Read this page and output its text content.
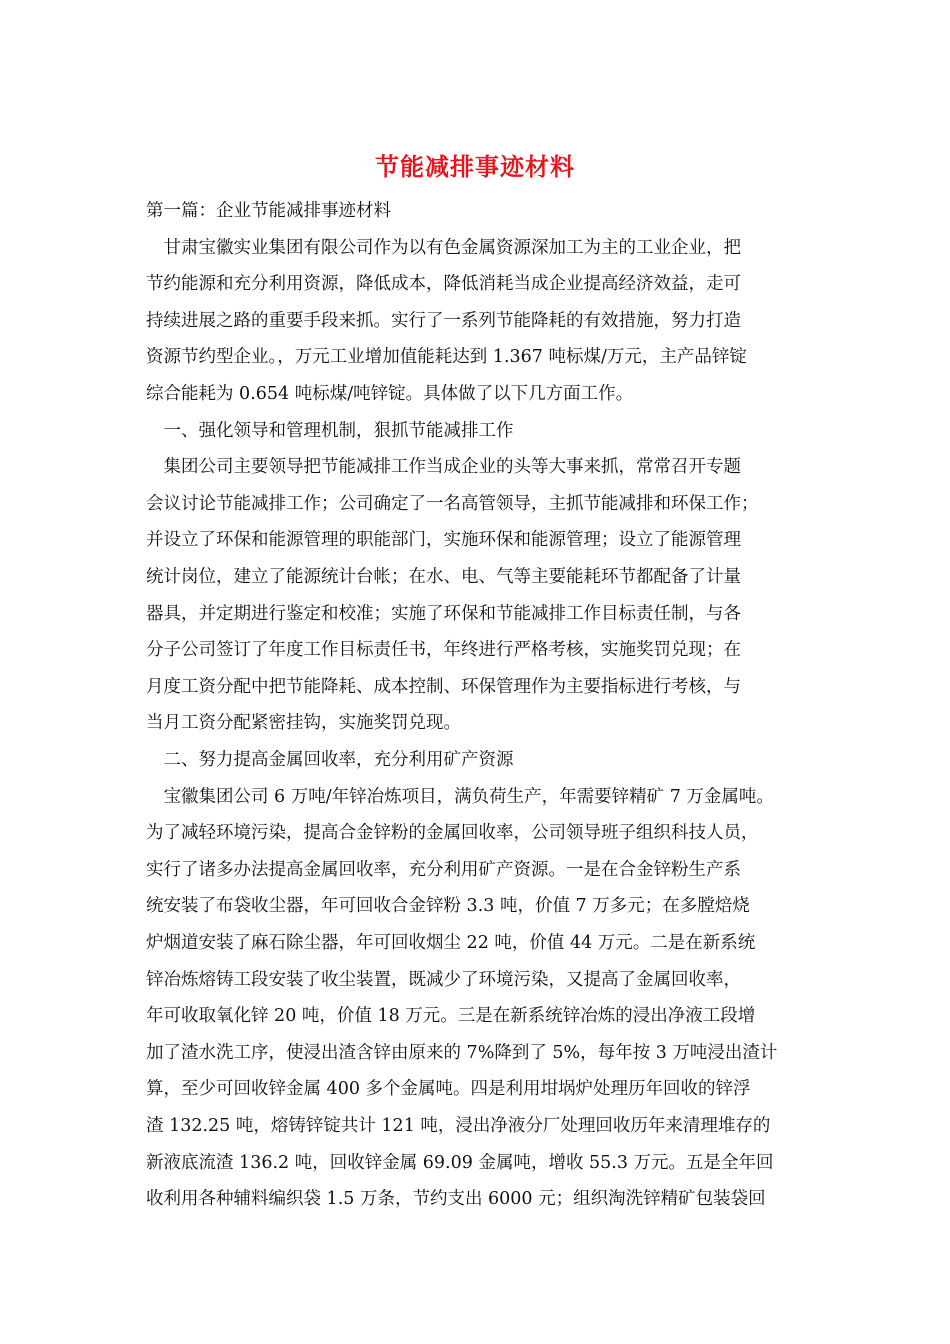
节能减排事迹材料
第一篇：企业节能减排事迹材料
　甘肃宝徽实业集团有限公司作为以有色金属资源深加工为主的工业企业，把
节约能源和充分利用资源，降低成本，降低消耗当成企业提高经济效益，走可
持续进展之路的重要手段来抓。实行了一系列节能降耗的有效措施，努力打造
资源节约型企业。，万元工业增加值能耗达到 1.367 吨标煤/万元，主产品锌锭
综合能耗为 0.654 吨标煤/吨锌锭。具体做了以下几方面工作。
　一、强化领导和管理机制，狠抓节能减排工作
　集团公司主要领导把节能减排工作当成企业的头等大事来抓，常常召开专题
会议讨论节能减排工作；公司确定了一名高管领导，主抓节能减排和环保工作；
并设立了环保和能源管理的职能部门，实施环保和能源管理；设立了能源管理
统计岗位，建立了能源统计台帐；在水、电、气等主要能耗环节都配备了计量
器具，并定期进行鉴定和校准；实施了环保和节能减排工作目标责任制，与各
分子公司签订了年度工作目标责任书，年终进行严格考核，实施奖罚兑现；在
月度工资分配中把节能降耗、成本控制、环保管理作为主要指标进行考核，与
当月工资分配紧密挂钩，实施奖罚兑现。
　二、努力提高金属回收率，充分利用矿产资源
　宝徽集团公司 6 万吨/年锌冶炼项目，满负荷生产，年需要锌精矿 7 万金属吨。
为了减轻环境污染，提高合金锌粉的金属回收率，公司领导班子组织科技人员，
实行了诸多办法提高金属回收率，充分利用矿产资源。一是在合金锌粉生产系
统安装了布袋收尘器，年可回收合金锌粉 3.3 吨，价值 7 万多元；在多膛焙烧
炉烟道安装了麻石除尘器，年可回收烟尘 22 吨，价值 44 万元。二是在新系统
锌冶炼熔铸工段安装了收尘装置，既减少了环境污染，又提高了金属回收率，
年可收取氧化锌 20 吨，价值 18 万元。三是在新系统锌冶炼的浸出净液工段增
加了渣水洗工序，使浸出渣含锌由原来的 7%降到了 5%，每年按 3 万吨浸出渣计
算，至少可回收锌金属 400 多个金属吨。四是利用坩埚炉处理历年回收的锌浮
渣 132.25 吨，熔铸锌锭共计 121 吨，浸出净液分厂处理回收历年来清理堆存的
新液底流渣 136.2 吨，回收锌金属 69.09 金属吨，增收 55.3 万元。五是全年回
收利用各种辅料编织袋 1.5 万条，节约支出 6000 元；组织淘洗锌精矿包装袋回
